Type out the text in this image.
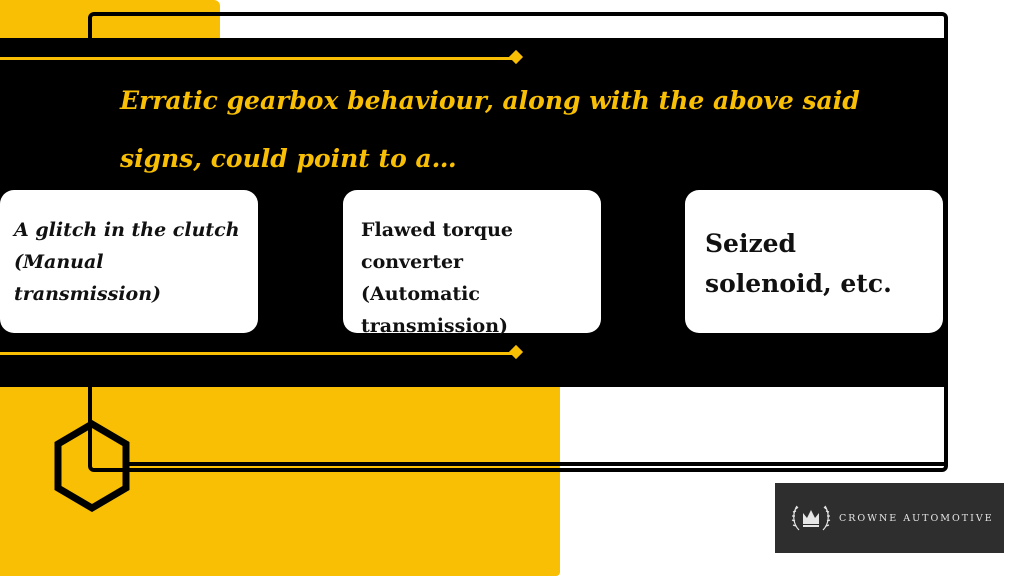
Erratic gearbox behaviour, along with the above said signs, could point to a…
A glitch in the clutch (Manual transmission)
Flawed torque converter (Automatic transmission)
Seized solenoid, etc.
CROWNE AUTOMOTIVE
